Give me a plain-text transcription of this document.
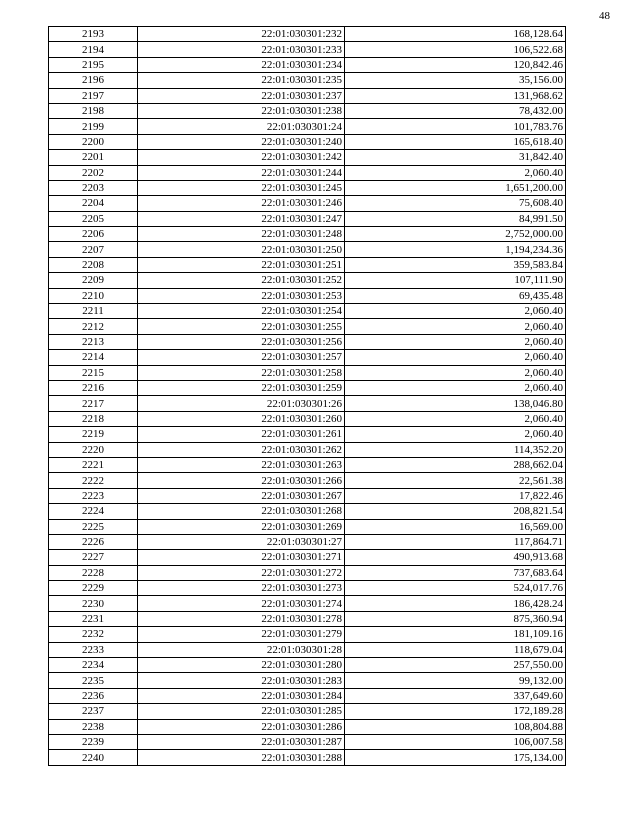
48
2193	22:01:030301:232	168,128.64
2194	22:01:030301:233	106,522.68
2195	22:01:030301:234	120,842.46
2196	22:01:030301:235	35,156.00
2197	22:01:030301:237	131,968.62
2198	22:01:030301:238	78,432.00
2199	22:01:030301:24	101,783.76
2200	22:01:030301:240	165,618.40
2201	22:01:030301:242	31,842.40
2202	22:01:030301:244	2,060.40
2203	22:01:030301:245	1,651,200.00
2204	22:01:030301:246	75,608.40
2205	22:01:030301:247	84,991.50
2206	22:01:030301:248	2,752,000.00
2207	22:01:030301:250	1,194,234.36
2208	22:01:030301:251	359,583.84
2209	22:01:030301:252	107,111.90
2210	22:01:030301:253	69,435.48
2211	22:01:030301:254	2,060.40
2212	22:01:030301:255	2,060.40
2213	22:01:030301:256	2,060.40
2214	22:01:030301:257	2,060.40
2215	22:01:030301:258	2,060.40
2216	22:01:030301:259	2,060.40
2217	22:01:030301:26	138,046.80
2218	22:01:030301:260	2,060.40
2219	22:01:030301:261	2,060.40
2220	22:01:030301:262	114,352.20
2221	22:01:030301:263	288,662.04
2222	22:01:030301:266	22,561.38
2223	22:01:030301:267	17,822.46
2224	22:01:030301:268	208,821.54
2225	22:01:030301:269	16,569.00
2226	22:01:030301:27	117,864.71
2227	22:01:030301:271	490,913.68
2228	22:01:030301:272	737,683.64
2229	22:01:030301:273	524,017.76
2230	22:01:030301:274	186,428.24
2231	22:01:030301:278	875,360.94
2232	22:01:030301:279	181,109.16
2233	22:01:030301:28	118,679.04
2234	22:01:030301:280	257,550.00
2235	22:01:030301:283	99,132.00
2236	22:01:030301:284	337,649.60
2237	22:01:030301:285	172,189.28
2238	22:01:030301:286	108,804.88
2239	22:01:030301:287	106,007.58
2240	22:01:030301:288	175,134.00
